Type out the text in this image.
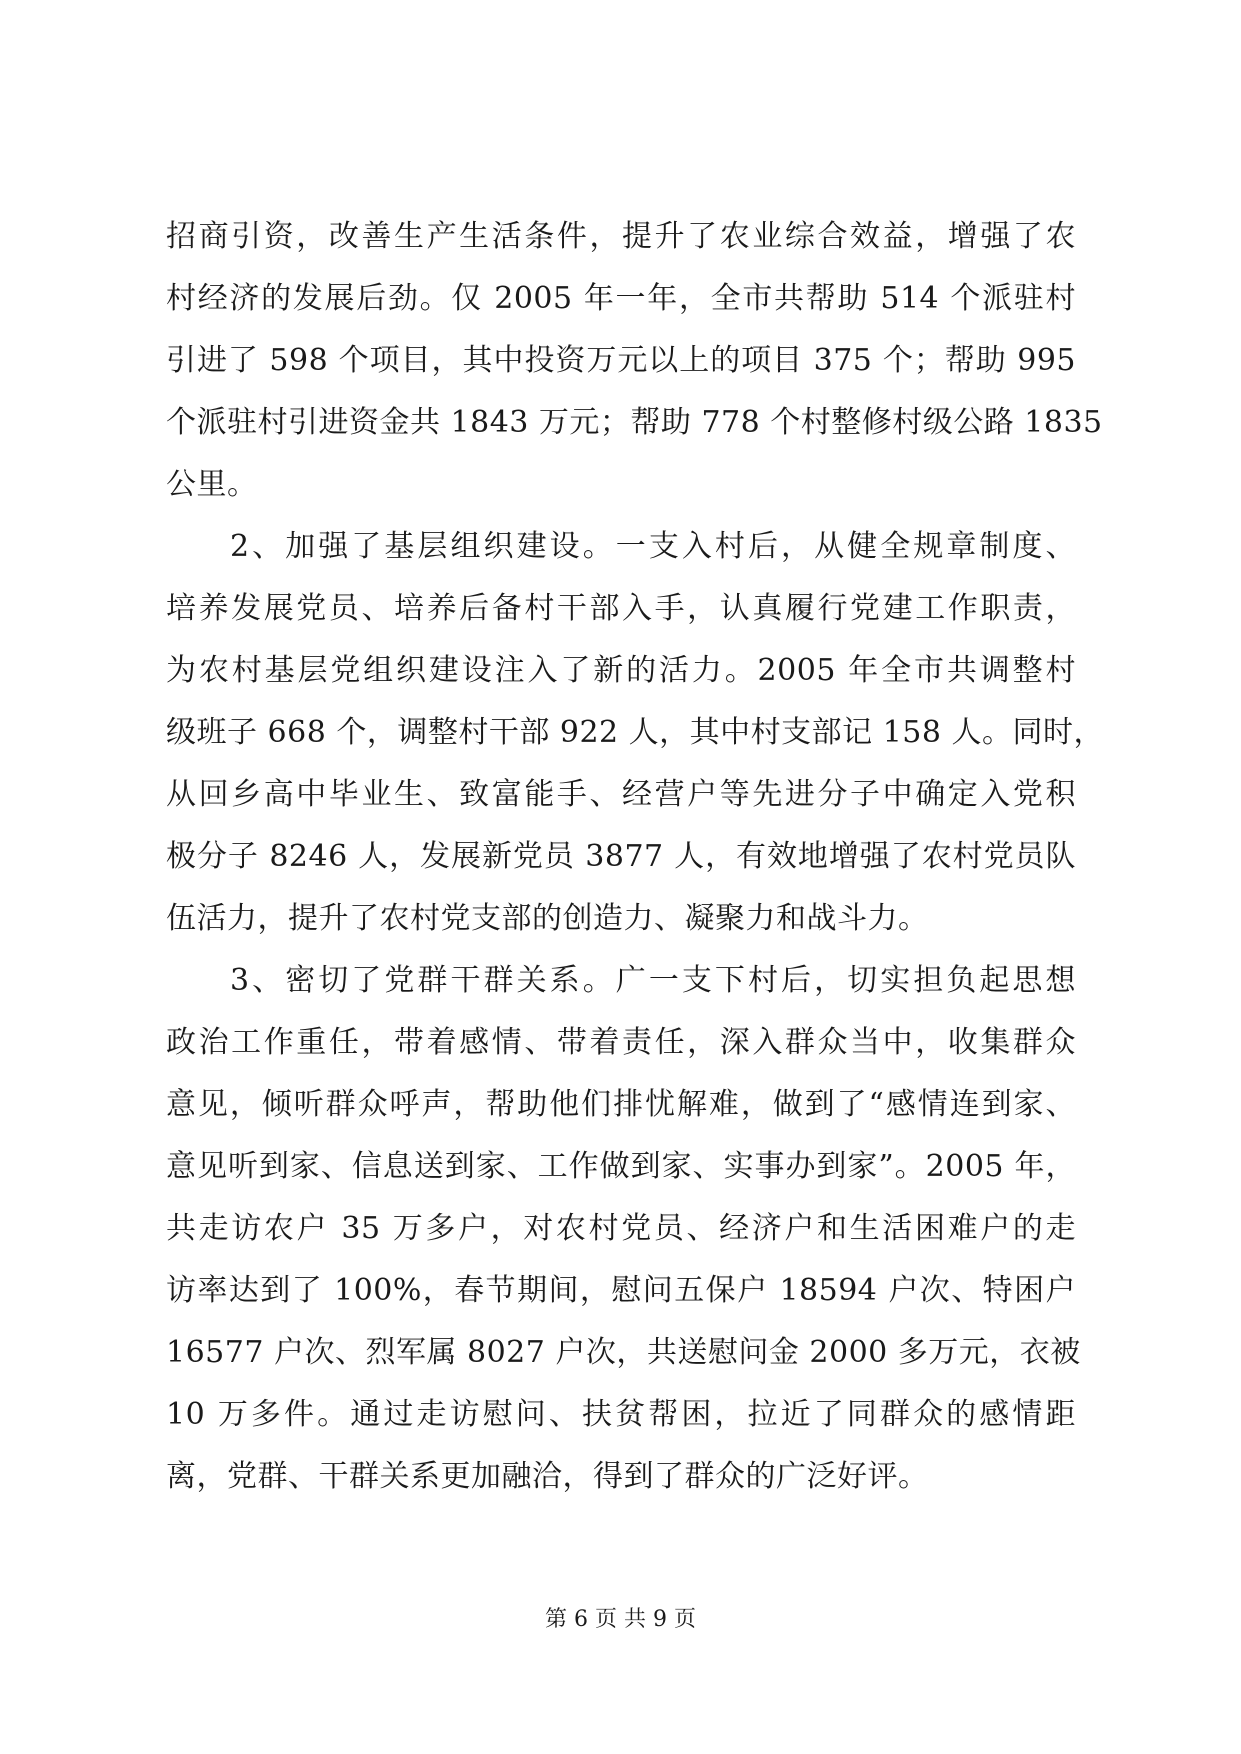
招商引资，改善生产生活条件，提升了农业综合效益，增强了农
村经济的发展后劲。仅 2005 年一年，全市共帮助 514 个派驻村
引进了 598 个项目，其中投资万元以上的项目 375 个；帮助 995
个派驻村引进资金共 1843 万元；帮助 778 个村整修村级公路 1835
公里。
2、加强了基层组织建设。一支入村后，从健全规章制度、
培养发展党员、培养后备村干部入手，认真履行党建工作职责，
为农村基层党组织建设注入了新的活力。2005 年全市共调整村
级班子 668 个，调整村干部 922 人，其中村支部记 158 人。同时，
从回乡高中毕业生、致富能手、经营户等先进分子中确定入党积
极分子 8246 人，发展新党员 3877 人，有效地增强了农村党员队
伍活力，提升了农村党支部的创造力、凝聚力和战斗力。
3、密切了党群干群关系。广一支下村后，切实担负起思想
政治工作重任，带着感情、带着责任，深入群众当中，收集群众
意见，倾听群众呼声，帮助他们排忧解难，做到了“感情连到家、
意见听到家、信息送到家、工作做到家、实事办到家”。2005 年，
共走访农户 35 万多户，对农村党员、经济户和生活困难户的走
访率达到了 100%，春节期间，慰问五保户 18594 户次、特困户
16577 户次、烈军属 8027 户次，共送慰问金 2000 多万元，衣被
10 万多件。通过走访慰问、扶贫帮困，拉近了同群众的感情距
离，党群、干群关系更加融洽，得到了群众的广泛好评。
第 6 页 共 9 页
